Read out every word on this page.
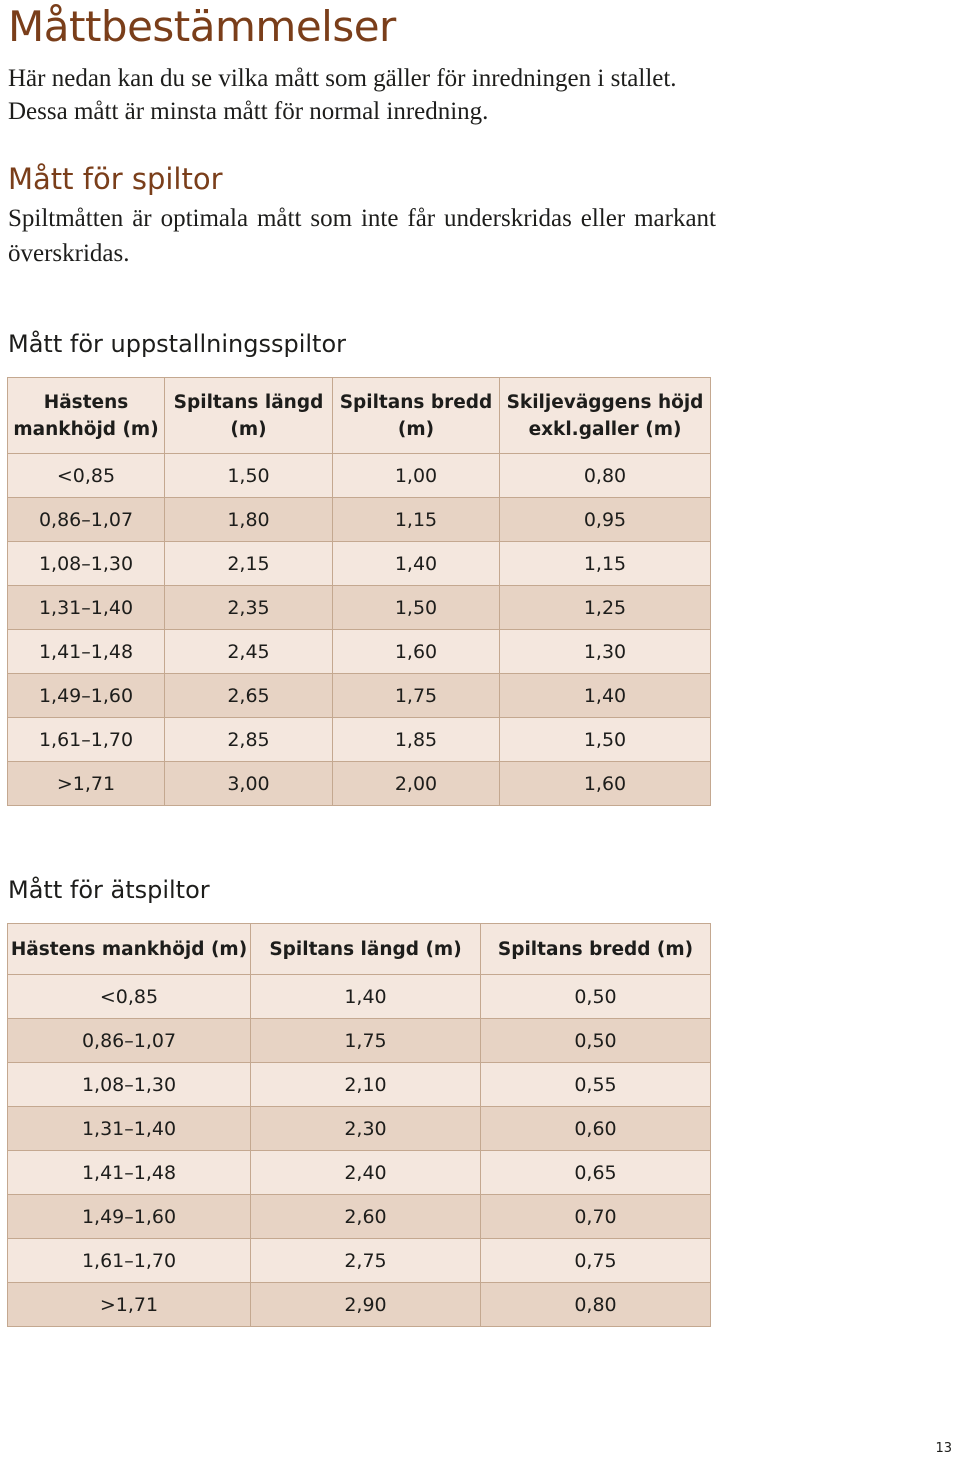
Måttbestämmelser

Här nedan kan du se vilka mått som gäller för inredningen i stallet. Dessa mått är minsta mått för normal inredning.

Mått för spiltor

Spiltmåtten är optimala mått som inte får underskridas eller markant överskridas.

Mått för uppstallningsspiltor
Hästens mankhöjd (m)	Spiltans längd (m)	Spiltans bredd (m)	Skiljeväggens höjd exkl.galler (m)
<0,85	1,50	1,00	0,80
0,86–1,07	1,80	1,15	0,95
1,08–1,30	2,15	1,40	1,15
1,31–1,40	2,35	1,50	1,25
1,41–1,48	2,45	1,60	1,30
1,49–1,60	2,65	1,75	1,40
1,61–1,70	2,85	1,85	1,50
>1,71	3,00	2,00	1,60
Mått för ätspiltor
Hästens mankhöjd (m)	Spiltans längd (m)	Spiltans bredd (m)
<0,85	1,40	0,50
0,86–1,07	1,75	0,50
1,08–1,30	2,10	0,55
1,31–1,40	2,30	0,60
1,41–1,48	2,40	0,65
1,49–1,60	2,60	0,70
1,61–1,70	2,75	0,75
>1,71	2,90	0,80
13
